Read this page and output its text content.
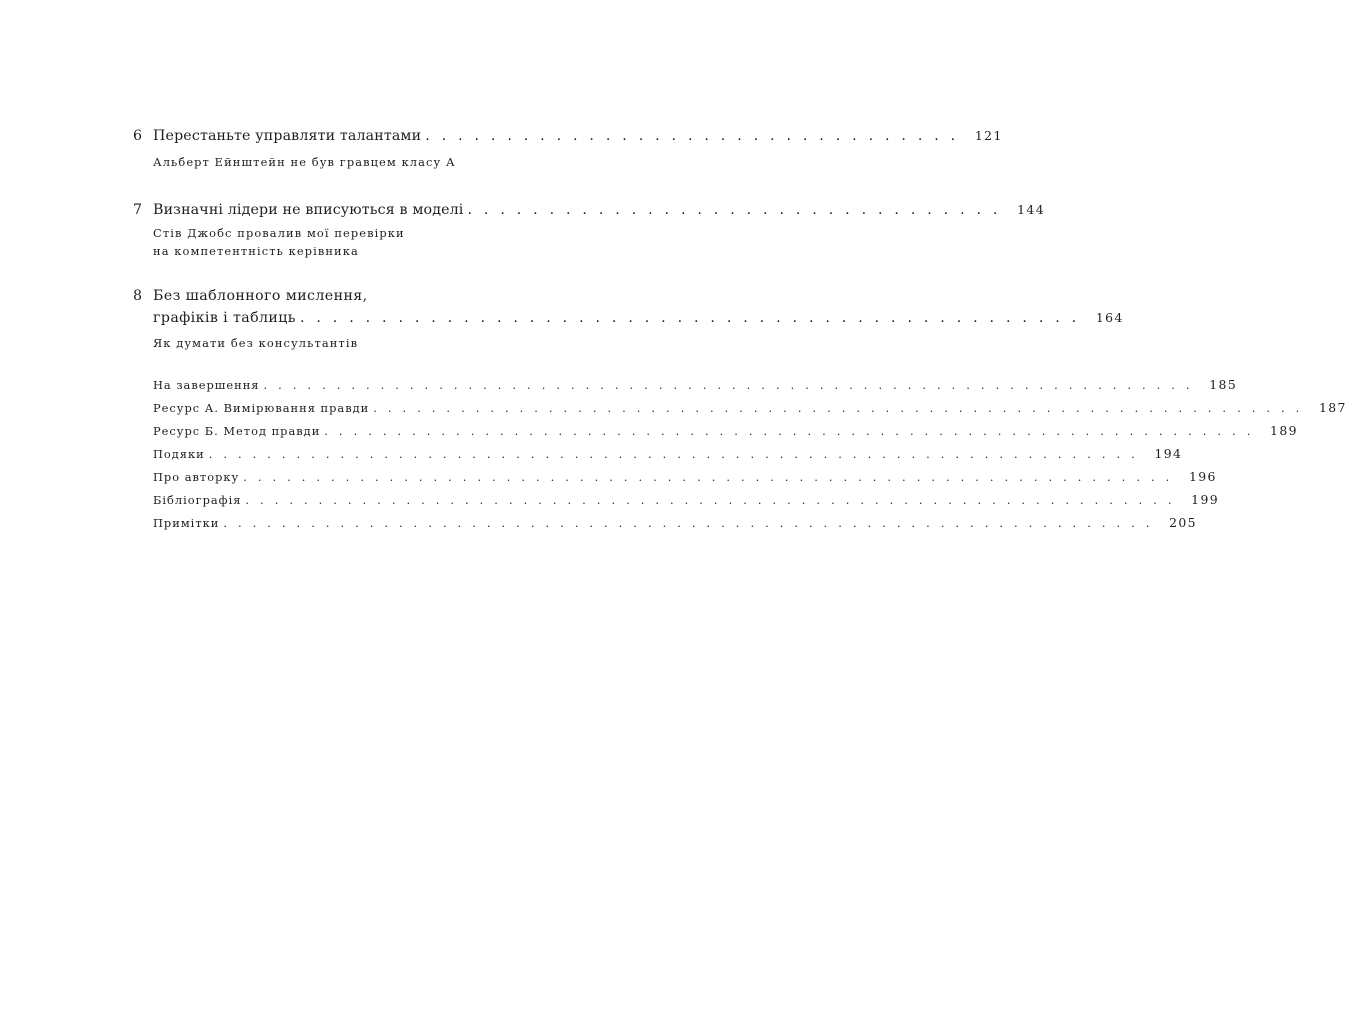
6 Перестаньте управляти талантами . . . . . . . . . . . . . . . . . . . . . . . . . . . . . . . . . 121
Альберт Ейнштейн не був гравцем класу А
7 Визначні лідери не вписуються в моделі . . . . . . . . . . . . . . . . . . . . . . . . . . . . . . . . . 144
Стів Джобс провалив мої перевірки
на компетентність керівника
8 Без шаблонного мислення,
графіків і таблиць . . . . . . . . . . . . . . . . . . . . . . . . . . . . . . . . . . . . . . . . . . . . . . . . 164
Як думати без консультантів
На завершення . . . . . . . . . . . . . . . . . . . . . . . . . . . . . . . . . . . . . . . . . . . . . . . . . . . . . . . . . . . . . . . . 185
Ресурс А. Вимірювання правди . . . . . . . . . . . . . . . . . . . . . . . . . . . . . . . . . . . . . . . . . . . . . . . . . . . . . . . . . . . . . . . . 187
Ресурс Б. Метод правди . . . . . . . . . . . . . . . . . . . . . . . . . . . . . . . . . . . . . . . . . . . . . . . . . . . . . . . . . . . . . . . . 189
Подяки . . . . . . . . . . . . . . . . . . . . . . . . . . . . . . . . . . . . . . . . . . . . . . . . . . . . . . . . . . . . . . . . 194
Про авторку . . . . . . . . . . . . . . . . . . . . . . . . . . . . . . . . . . . . . . . . . . . . . . . . . . . . . . . . . . . . . . . . 196
Бібліографія . . . . . . . . . . . . . . . . . . . . . . . . . . . . . . . . . . . . . . . . . . . . . . . . . . . . . . . . . . . . . . . . 199
Примітки . . . . . . . . . . . . . . . . . . . . . . . . . . . . . . . . . . . . . . . . . . . . . . . . . . . . . . . . . . . . . . . . 205
